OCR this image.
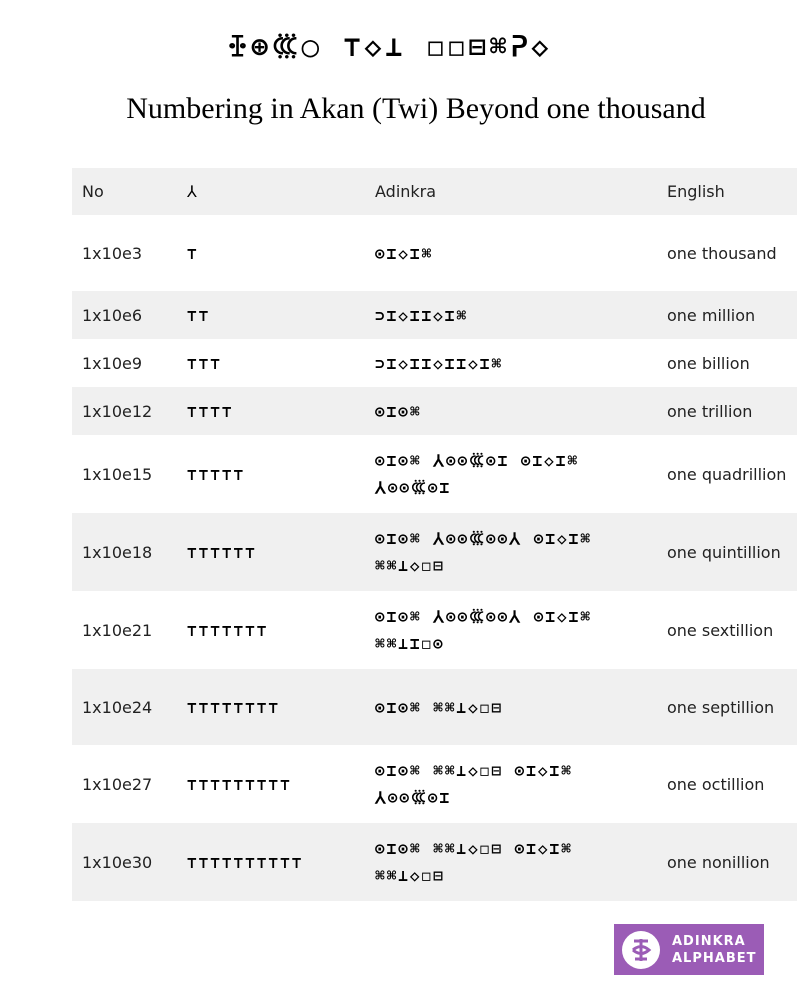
ꔀ⊕ꘚ◯ ⊤◇⊥ ◻◻⊟⌘ᕈ◇
Numbering in Akan (Twi) Beyond one thousand
No	⅄	Adinkra	English
1x10e3	⊤	⊙⌶◇⌶⌘	one thousand
1x10e6	⊤⊤	⊃⌶◇⌶⌶◇⌶⌘	one million
1x10e9	⊤⊤⊤	⊃⌶◇⌶⌶◇⌶⌶◇⌶⌘	one billion
1x10e12	⊤⊤⊤⊤	⊙⌶⊙⌘	one trillion
1x10e15	⊤⊤⊤⊤⊤	⊙⌶⊙⌘ ⅄⊙⊙ꘚ⊙⌶ ⊙⌶◇⌶⌘ ⅄⊙⊙ꘚ⊙⌶	one quadrillion
1x10e18	⊤⊤⊤⊤⊤⊤	⊙⌶⊙⌘ ⅄⊙⊙ꘚ⊙⊙⅄ ⊙⌶◇⌶⌘ ⌘⌘⊥◇◻⊟	one quintillion
1x10e21	⊤⊤⊤⊤⊤⊤⊤	⊙⌶⊙⌘ ⅄⊙⊙ꘚ⊙⊙⅄ ⊙⌶◇⌶⌘ ⌘⌘⊥⌶◻⊙	one sextillion
1x10e24	⊤⊤⊤⊤⊤⊤⊤⊤	⊙⌶⊙⌘ ⌘⌘⊥◇◻⊟	one septillion
1x10e27	⊤⊤⊤⊤⊤⊤⊤⊤⊤	⊙⌶⊙⌘ ⌘⌘⊥◇◻⊟ ⊙⌶◇⌶⌘ ⅄⊙⊙ꘚ⊙⌶	one octillion
1x10e30	⊤⊤⊤⊤⊤⊤⊤⊤⊤⊤	⊙⌶⊙⌘ ⌘⌘⊥◇◻⊟ ⊙⌶◇⌶⌘ ⌘⌘⊥◇◻⊟	one nonillion
ADINKRA
ALPHABET
